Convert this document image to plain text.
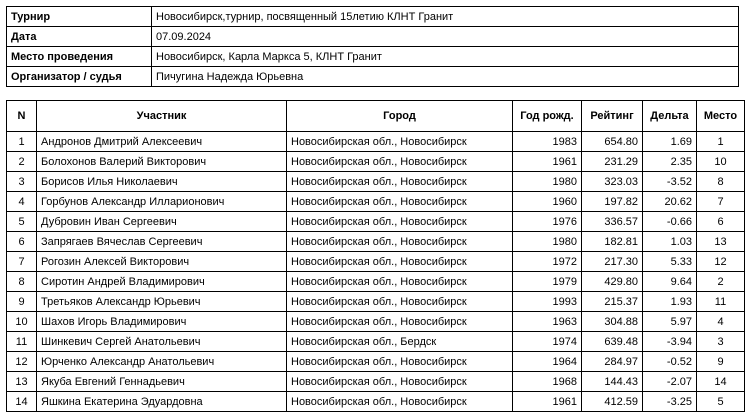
Турнир	Новосибирск,турнир, посвященный 15летию КЛНТ Гранит
Дата	07.09.2024
Место проведения	Новосибирск, Карла Маркса 5, КЛНТ Гранит
Организатор / судья	Пичугина Надежда Юрьевна
N	Участник	Город	Год рожд.	Рейтинг	Дельта	Место
1	Андронов Дмитрий Алексеевич	Новосибирская обл., Новосибирск	1983	654.80	1.69	1
2	Болохонов Валерий Викторович	Новосибирская обл., Новосибирск	1961	231.29	2.35	10
3	Борисов Илья Николаевич	Новосибирская обл., Новосибирск	1980	323.03	-3.52	8
4	Горбунов Александр Илларионович	Новосибирская обл., Новосибирск	1960	197.82	20.62	7
5	Дубровин Иван Сергеевич	Новосибирская обл., Новосибирск	1976	336.57	-0.66	6
6	Запрягаев Вячеслав Сергеевич	Новосибирская обл., Новосибирск	1980	182.81	1.03	13
7	Рогозин Алексей Викторович	Новосибирская обл., Новосибирск	1972	217.30	5.33	12
8	Сиротин Андрей Владимирович	Новосибирская обл., Новосибирск	1979	429.80	9.64	2
9	Третьяков Александр Юрьевич	Новосибирская обл., Новосибирск	1993	215.37	1.93	11
10	Шахов Игорь Владимирович	Новосибирская обл., Новосибирск	1963	304.88	5.97	4
11	Шинкевич Сергей Анатольевич	Новосибирская обл., Бердск	1974	639.48	-3.94	3
12	Юрченко Александр Анатольевич	Новосибирская обл., Новосибирск	1964	284.97	-0.52	9
13	Якуба Евгений Геннадьевич	Новосибирская обл., Новосибирск	1968	144.43	-2.07	14
14	Яшкина Екатерина Эдуардовна	Новосибирская обл., Новосибирск	1961	412.59	-3.25	5
